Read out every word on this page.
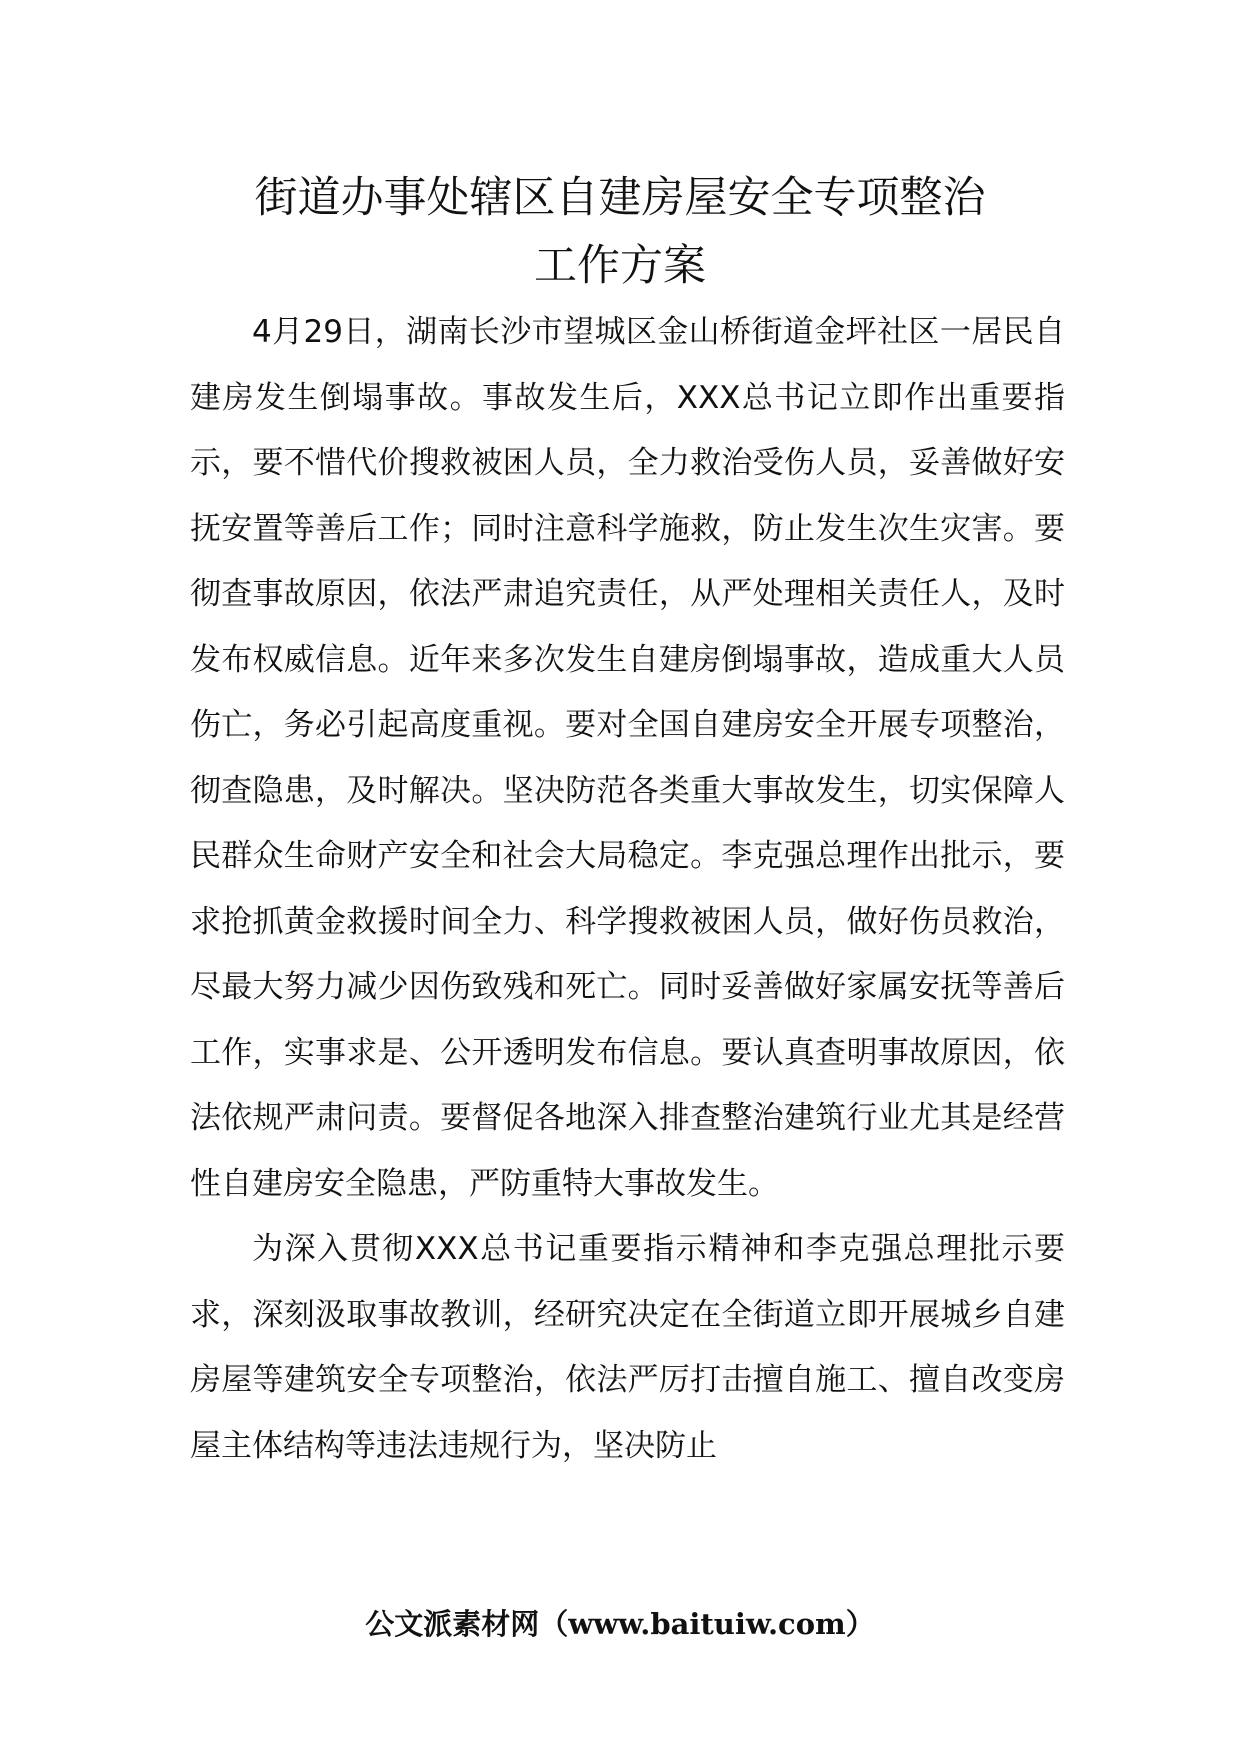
街道办事处辖区自建房屋安全专项整治
工作方案

4月29日，湖南长沙市望城区金山桥街道金坪社区一居民自建房发生倒塌事故。事故发生后，XXX总书记立即作出重要指示，要不惜代价搜救被困人员，全力救治受伤人员，妥善做好安抚安置等善后工作；同时注意科学施救，防止发生次生灾害。要彻查事故原因，依法严肃追究责任，从严处理相关责任人，及时发布权威信息。近年来多次发生自建房倒塌事故，造成重大人员伤亡，务必引起高度重视。要对全国自建房安全开展专项整治，彻查隐患，及时解决。坚决防范各类重大事故发生，切实保障人民群众生命财产安全和社会大局稳定。李克强总理作出批示，要求抢抓黄金救援时间全力、科学搜救被困人员，做好伤员救治，尽最大努力减少因伤致残和死亡。同时妥善做好家属安抚等善后工作，实事求是、公开透明发布信息。要认真查明事故原因，依法依规严肃问责。要督促各地深入排查整治建筑行业尤其是经营性自建房安全隐患，严防重特大事故发生。

为深入贯彻XXX总书记重要指示精神和李克强总理批示要求，深刻汲取事故教训，经研究决定在全街道立即开展城乡自建房屋等建筑安全专项整治，依法严厉打击擅自施工、擅自改变房屋主体结构等违法违规行为，坚决防止

公文派素材网（www.baituiw.com）
